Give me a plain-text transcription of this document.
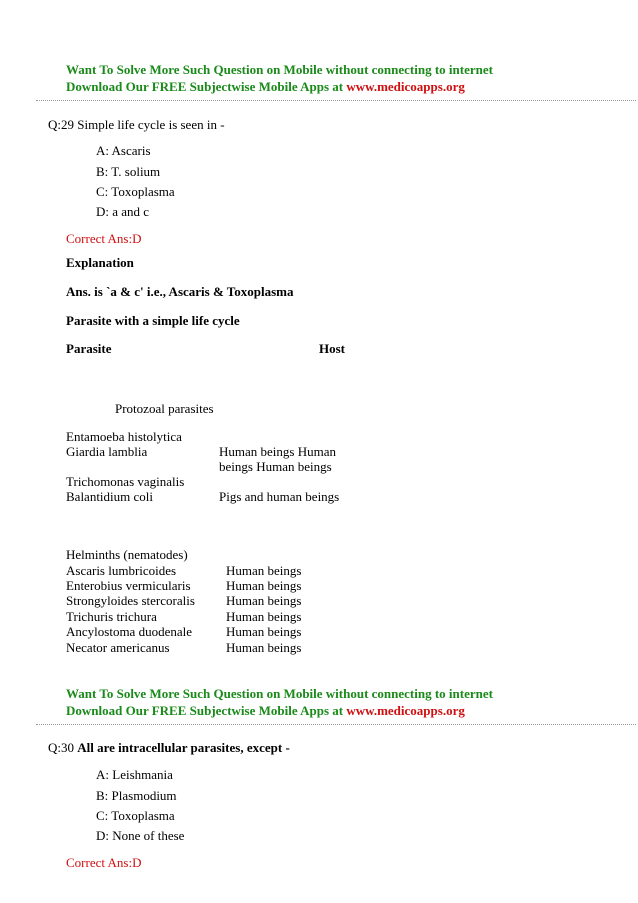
Want To Solve More Such Question on Mobile without connecting to internet
Download Our FREE Subjectwise Mobile Apps at www.medicoapps.org
Q:29 Simple life cycle is seen in -
A: Ascaris
B: T. solium
C: Toxoplasma
D: a and c
Correct Ans:D
Explanation
Ans. is `a & c' i.e., Ascaris & Toxoplasma
Parasite with a simple life cycle
Parasite	Host
Protozoal parasites
Entamoeba histolytica
Giardia lamblia	Human beings Human
beings Human beings
Trichomonas vaginalis
Balantidium coli	Pigs and human beings
Helminths (nematodes)
Ascaris lumbricoides	Human beings
Enterobius vermicularis	Human beings
Strongyloides stercoralis Human beings
Trichuris trichura	Human beings
Ancylostoma duodenale	Human beings
Necator americanus	Human beings
Want To Solve More Such Question on Mobile without connecting to internet
Download Our FREE Subjectwise Mobile Apps at www.medicoapps.org
Q:30 All are intracellular parasites, except -
A: Leishmania
B: Plasmodium
C: Toxoplasma
D: None of these
Correct Ans:D
